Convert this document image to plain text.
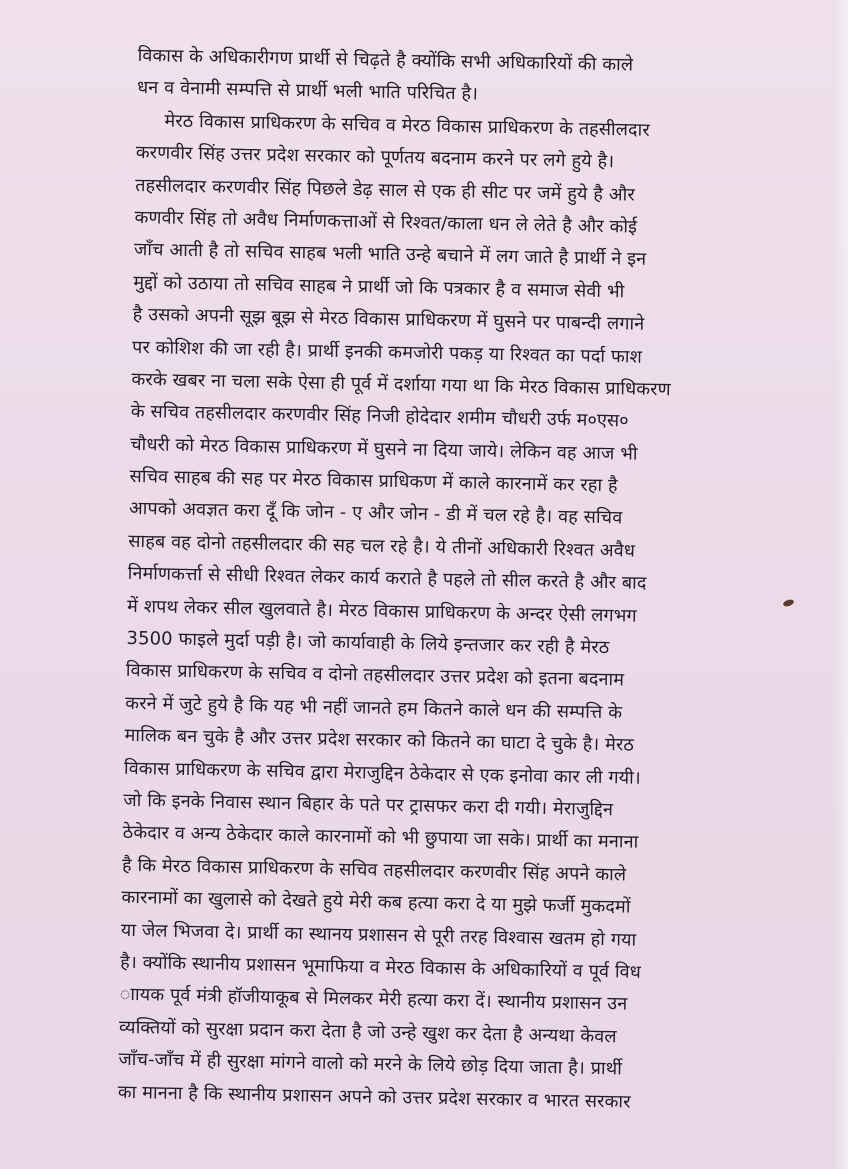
विकास के अधिकारीगण प्रार्थी से चिढ़ते है क्योंकि सभी अधिकारियों की काले
धन व वेनामी सम्पत्ति से प्रार्थी भली भाति परिचित है।
मेरठ विकास प्राधिकरण के सचिव व मेरठ विकास प्राधिकरण के तहसीलदार
करणवीर सिंह उत्तर प्रदेश सरकार को पूर्णतय बदनाम करने पर लगे हुये है।
तहसीलदार करणवीर सिंह पिछले डेढ़ साल से एक ही सीट पर जमें हुये है और
कणवीर सिंह तो अवैध निर्माणकत्ताओं से रिश्वत/काला धन ले लेते है और कोई
जाँच आती है तो सचिव साहब भली भाति उन्हे बचाने में लग जाते है प्रार्थी ने इन
मुद्दों को उठाया तो सचिव साहब ने प्रार्थी जो कि पत्रकार है व समाज सेवी भी
है उसको अपनी सूझ बूझ से मेरठ विकास प्राधिकरण में घुसने पर पाबन्दी लगाने
पर कोशिश की जा रही है। प्रार्थी इनकी कमजोरी पकड़ या रिश्वत का पर्दा फाश
करके खबर ना चला सके ऐसा ही पूर्व में दर्शाया गया था कि मेरठ विकास प्राधिकरण
के सचिव तहसीलदार करणवीर सिंह निजी होदेदार शमीम चौधरी उर्फ म०एस०
चौधरी को मेरठ विकास प्राधिकरण में घुसने ना दिया जाये। लेकिन वह आज भी
सचिव साहब की सह पर मेरठ विकास प्राधिकण में काले कारनामें कर रहा है
आपको अवज्ञत करा दूँ कि जोन - ए और जोन - डी में चल रहे है। वह सचिव
साहब वह दोनो तहसीलदार की सह चल रहे है। ये तीनों अधिकारी रिश्वत अवैध
निर्माणकर्त्ता से सीधी रिश्वत लेकर कार्य कराते है पहले तो सील करते है और बाद
में शपथ लेकर सील खुलवाते है। मेरठ विकास प्राधिकरण के अन्दर ऐसी लगभग
3500 फाइले मुर्दा पड़ी है। जो कार्यावाही के लिये इन्तजार कर रही है मेरठ
विकास प्राधिकरण के सचिव व दोनो तहसीलदार उत्तर प्रदेश को इतना बदनाम
करने में जुटे हुये है कि यह भी नहीं जानते हम कितने काले धन की सम्पत्ति के
मालिक बन चुके है और उत्तर प्रदेश सरकार को कितने का घाटा दे चुके है। मेरठ
विकास प्राधिकरण के सचिव द्वारा मेराजुद्दिन ठेकेदार से एक इनोवा कार ली गयी।
जो कि इनके निवास स्थान बिहार के पते पर ट्रासफर करा दी गयी। मेराजुद्दिन
ठेकेदार व अन्य ठेकेदार काले कारनामों को भी छुपाया जा सके। प्रार्थी का मनाना
है कि मेरठ विकास प्राधिकरण के सचिव तहसीलदार करणवीर सिंह अपने काले
कारनामों का खुलासे को देखते हुये मेरी कब हत्या करा दे या मुझे फर्जी मुकदमों
या जेल भिजवा दे। प्रार्थी का स्थानय प्रशासन से पूरी तरह विश्वास खतम हो गया
है। क्योंकि स्थानीय प्रशासन भूमाफिया व मेरठ विकास के अधिकारियों व पूर्व विध
ाायक पूर्व मंत्री हॉजीयाकूब से मिलकर मेरी हत्या करा दें। स्थानीय प्रशासन उन
व्यक्तियों को सुरक्षा प्रदान करा देता है जो उन्हे खुश कर देता है अन्यथा केवल
जाँच-जाँच में ही सुरक्षा मांगने वालो को मरने के लिये छोड़ दिया जाता है। प्रार्थी
का मानना है कि स्थानीय प्रशासन अपने को उत्तर प्रदेश सरकार व भारत सरकार
